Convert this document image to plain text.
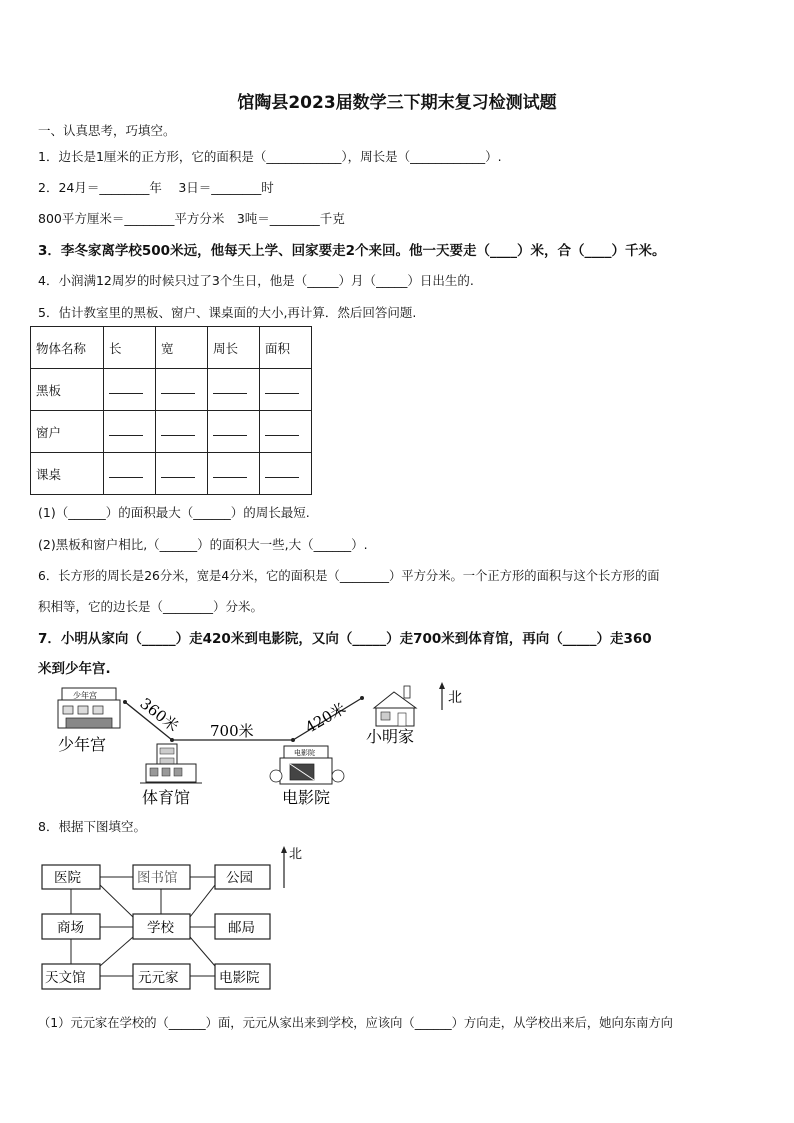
馆陶县2023届数学三下期末复习检测试题
一、认真思考，巧填空。
1．边长是1厘米的正方形，它的面积是（____________），周长是（____________）.
2．24月＝________年　 3日＝________时
800平方厘米＝________平方分米　3吨＝________千克
3．李冬家离学校500米远，他每天上学、回家要走2个来回。他一天要走（____）米，合（____）千米。
4．小润满12周岁的时候只过了3个生日，他是（_____）月（_____）日出生的.
5．估计教室里的黑板、窗户、课桌面的大小,再计算．然后回答问题.
物体名称	长	宽	周长	面积
黑板				
窗户				
课桌				
(1)（______）的面积最大（______）的周长最短.
(2)黑板和窗户相比,（______）的面积大一些,大（______）.
6．长方形的周长是26分米，宽是4分米，它的面积是（________）平方分米。一个正方形的面积与这个长方形的面
积相等，它的边长是（________）分米。
7．小明从家向（_____）走420米到电影院，又向（_____）走700米到体育馆，再向（_____）走360
米到少年宫.
360米 700米	420米
北
少年宫
少年宫
体育馆
电影院
电影院
小明家
8．根据下图填空。
北
医院	图书馆	公园
商场	学校	邮局
天文馆	元元家	电影院
（1）元元家在学校的（______）面，元元从家出来到学校，应该向（______）方向走，从学校出来后，她向东南方向
